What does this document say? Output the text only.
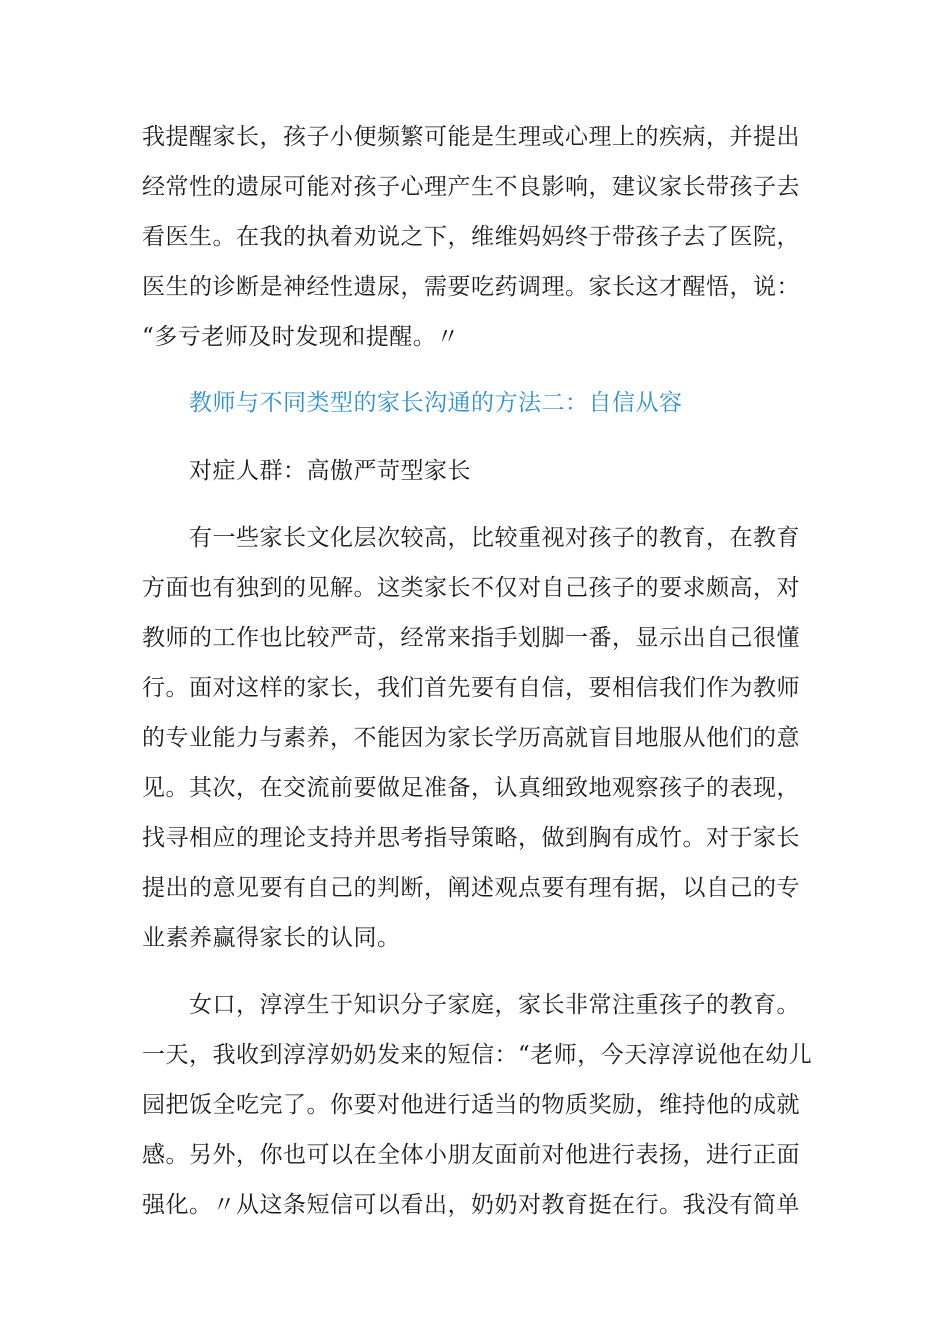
我提醒家长，孩子小便频繁可能是生理或心理上的疾病，并提出
经常性的遗尿可能对孩子心理产生不良影响，建议家长带孩子去
看医生。在我的执着劝说之下，维维妈妈终于带孩子去了医院，
医生的诊断是神经性遗尿，需要吃药调理。家长这才醒悟，说：
“多亏老师及时发现和提醒。〃
教师与不同类型的家长沟通的方法二：自信从容
对症人群：高傲严苛型家长
有一些家长文化层次较高，比较重视对孩子的教育，在教育
方面也有独到的见解。这类家长不仅对自己孩子的要求颇高，对
教师的工作也比较严苛，经常来指手划脚一番，显示出自己很懂
行。面对这样的家长，我们首先要有自信，要相信我们作为教师
的专业能力与素养，不能因为家长学历高就盲目地服从他们的意
见。其次，在交流前要做足准备，认真细致地观察孩子的表现，
找寻相应的理论支持并思考指导策略，做到胸有成竹。对于家长
提出的意见要有自己的判断，阐述观点要有理有据，以自己的专
业素养赢得家长的认同。
女口，淳淳生于知识分子家庭，家长非常注重孩子的教育。
一天，我收到淳淳奶奶发来的短信：“老师，今天淳淳说他在幼儿
园把饭全吃完了。你要对他进行适当的物质奖励，维持他的成就
感。另外，你也可以在全体小朋友面前对他进行表扬，进行正面
强化。〃从这条短信可以看出，奶奶对教育挺在行。我没有简单
